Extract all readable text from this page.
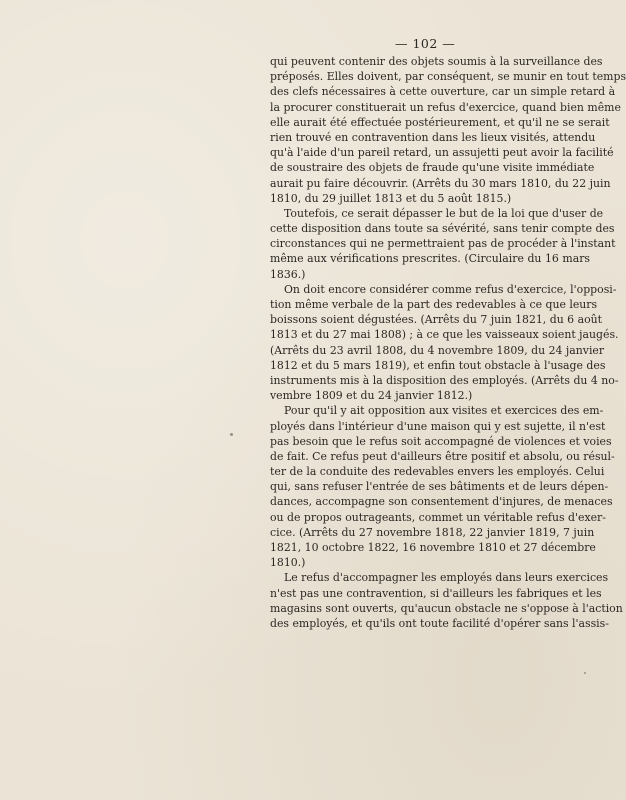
— 102 —
qui peuvent contenir des objets soumis à la surveillance des
préposés. Elles doivent, par conséquent, se munir en tout temps
des clefs nécessaires à cette ouverture, car un simple retard à
la procurer constituerait un refus d'exercice, quand bien même
elle aurait été effectuée postérieurement, et qu'il ne se serait
rien trouvé en contravention dans les lieux visités, attendu
qu'à l'aide d'un pareil retard, un assujetti peut avoir la facilité
de soustraire des objets de fraude qu'une visite immédiate
aurait pu faire découvrir. (Arrêts du 30 mars 1810, du 22 juin
1810, du 29 juillet 1813 et du 5 août 1815.)
Toutefois, ce serait dépasser le but de la loi que d'user de
cette disposition dans toute sa sévérité, sans tenir compte des
circonstances qui ne permettraient pas de procéder à l'instant
même aux vérifications prescrites. (Circulaire du 16 mars
1836.)
On doit encore considérer comme refus d'exercice, l'opposi-
tion même verbale de la part des redevables à ce que leurs
boissons soient dégustées. (Arrêts du 7 juin 1821, du 6 août
1813 et du 27 mai 1808) ; à ce que les vaisseaux soient jaugés.
(Arrêts du 23 avril 1808, du 4 novembre 1809, du 24 janvier
1812 et du 5 mars 1819), et enfin tout obstacle à l'usage des
instruments mis à la disposition des employés. (Arrêts du 4 no-
vembre 1809 et du 24 janvier 1812.)
Pour qu'il y ait opposition aux visites et exercices des em-
ployés dans l'intérieur d'une maison qui y est sujette, il n'est
pas besoin que le refus soit accompagné de violences et voies
de fait. Ce refus peut d'ailleurs être positif et absolu, ou résul-
ter de la conduite des redevables envers les employés. Celui
qui, sans refuser l'entrée de ses bâtiments et de leurs dépen-
dances, accompagne son consentement d'injures, de menaces
ou de propos outrageants, commet un véritable refus d'exer-
cice. (Arrêts du 27 novembre 1818, 22 janvier 1819, 7 juin
1821, 10 octobre 1822, 16 novembre 1810 et 27 décembre
1810.)
Le refus d'accompagner les employés dans leurs exercices
n'est pas une contravention, si d'ailleurs les fabriques et les
magasins sont ouverts, qu'aucun obstacle ne s'oppose à l'action
des employés, et qu'ils ont toute facilité d'opérer sans l'assis-
